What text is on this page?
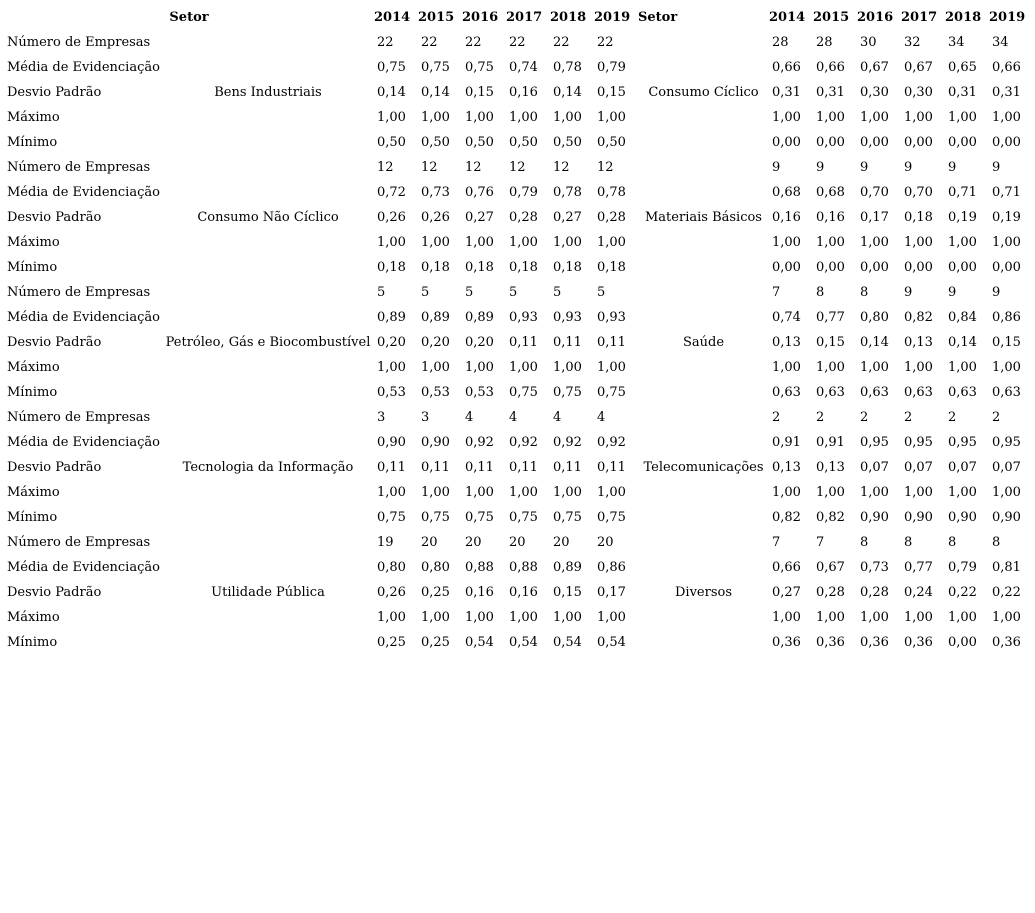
Setor		2014	2015	2016	2017	2018	2019	Setor	2014	2015	2016	2017	2018	2019
Número de Empresas		22	22	22	22	22	22		28	28	30	32	34	34
Média de Evidenciação		0,75	0,75	0,75	0,74	0,78	0,79		0,66	0,66	0,67	0,67	0,65	0,66
Desvio Padrão	Bens Industriais	0,14	0,14	0,15	0,16	0,14	0,15	Consumo Cíclico	0,31	0,31	0,30	0,30	0,31	0,31
Máximo		1,00	1,00	1,00	1,00	1,00	1,00		1,00	1,00	1,00	1,00	1,00	1,00
Mínimo		0,50	0,50	0,50	0,50	0,50	0,50		0,00	0,00	0,00	0,00	0,00	0,00
Número de Empresas		12	12	12	12	12	12		9	9	9	9	9	9
Média de Evidenciação		0,72	0,73	0,76	0,79	0,78	0,78		0,68	0,68	0,70	0,70	0,71	0,71
Desvio Padrão	Consumo Não Cíclico	0,26	0,26	0,27	0,28	0,27	0,28	Materiais Básicos	0,16	0,16	0,17	0,18	0,19	0,19
Máximo		1,00	1,00	1,00	1,00	1,00	1,00		1,00	1,00	1,00	1,00	1,00	1,00
Mínimo		0,18	0,18	0,18	0,18	0,18	0,18		0,00	0,00	0,00	0,00	0,00	0,00
Número de Empresas		5	5	5	5	5	5		7	8	8	9	9	9
Média de Evidenciação		0,89	0,89	0,89	0,93	0,93	0,93		0,74	0,77	0,80	0,82	0,84	0,86
Desvio Padrão	Petróleo, Gás e Biocombustível	0,20	0,20	0,20	0,11	0,11	0,11	Saúde	0,13	0,15	0,14	0,13	0,14	0,15
Máximo		1,00	1,00	1,00	1,00	1,00	1,00		1,00	1,00	1,00	1,00	1,00	1,00
Mínimo		0,53	0,53	0,53	0,75	0,75	0,75		0,63	0,63	0,63	0,63	0,63	0,63
Número de Empresas		3	3	4	4	4	4		2	2	2	2	2	2
Média de Evidenciação		0,90	0,90	0,92	0,92	0,92	0,92		0,91	0,91	0,95	0,95	0,95	0,95
Desvio Padrão	Tecnologia da Informação	0,11	0,11	0,11	0,11	0,11	0,11	Telecomunicações	0,13	0,13	0,07	0,07	0,07	0,07
Máximo		1,00	1,00	1,00	1,00	1,00	1,00		1,00	1,00	1,00	1,00	1,00	1,00
Mínimo		0,75	0,75	0,75	0,75	0,75	0,75		0,82	0,82	0,90	0,90	0,90	0,90
Número de Empresas		19	20	20	20	20	20		7	7	8	8	8	8
Média de Evidenciação		0,80	0,80	0,88	0,88	0,89	0,86		0,66	0,67	0,73	0,77	0,79	0,81
Desvio Padrão	Utilidade Pública	0,26	0,25	0,16	0,16	0,15	0,17	Diversos	0,27	0,28	0,28	0,24	0,22	0,22
Máximo		1,00	1,00	1,00	1,00	1,00	1,00		1,00	1,00	1,00	1,00	1,00	1,00
Mínimo		0,25	0,25	0,54	0,54	0,54	0,54		0,36	0,36	0,36	0,36	0,00	0,36
